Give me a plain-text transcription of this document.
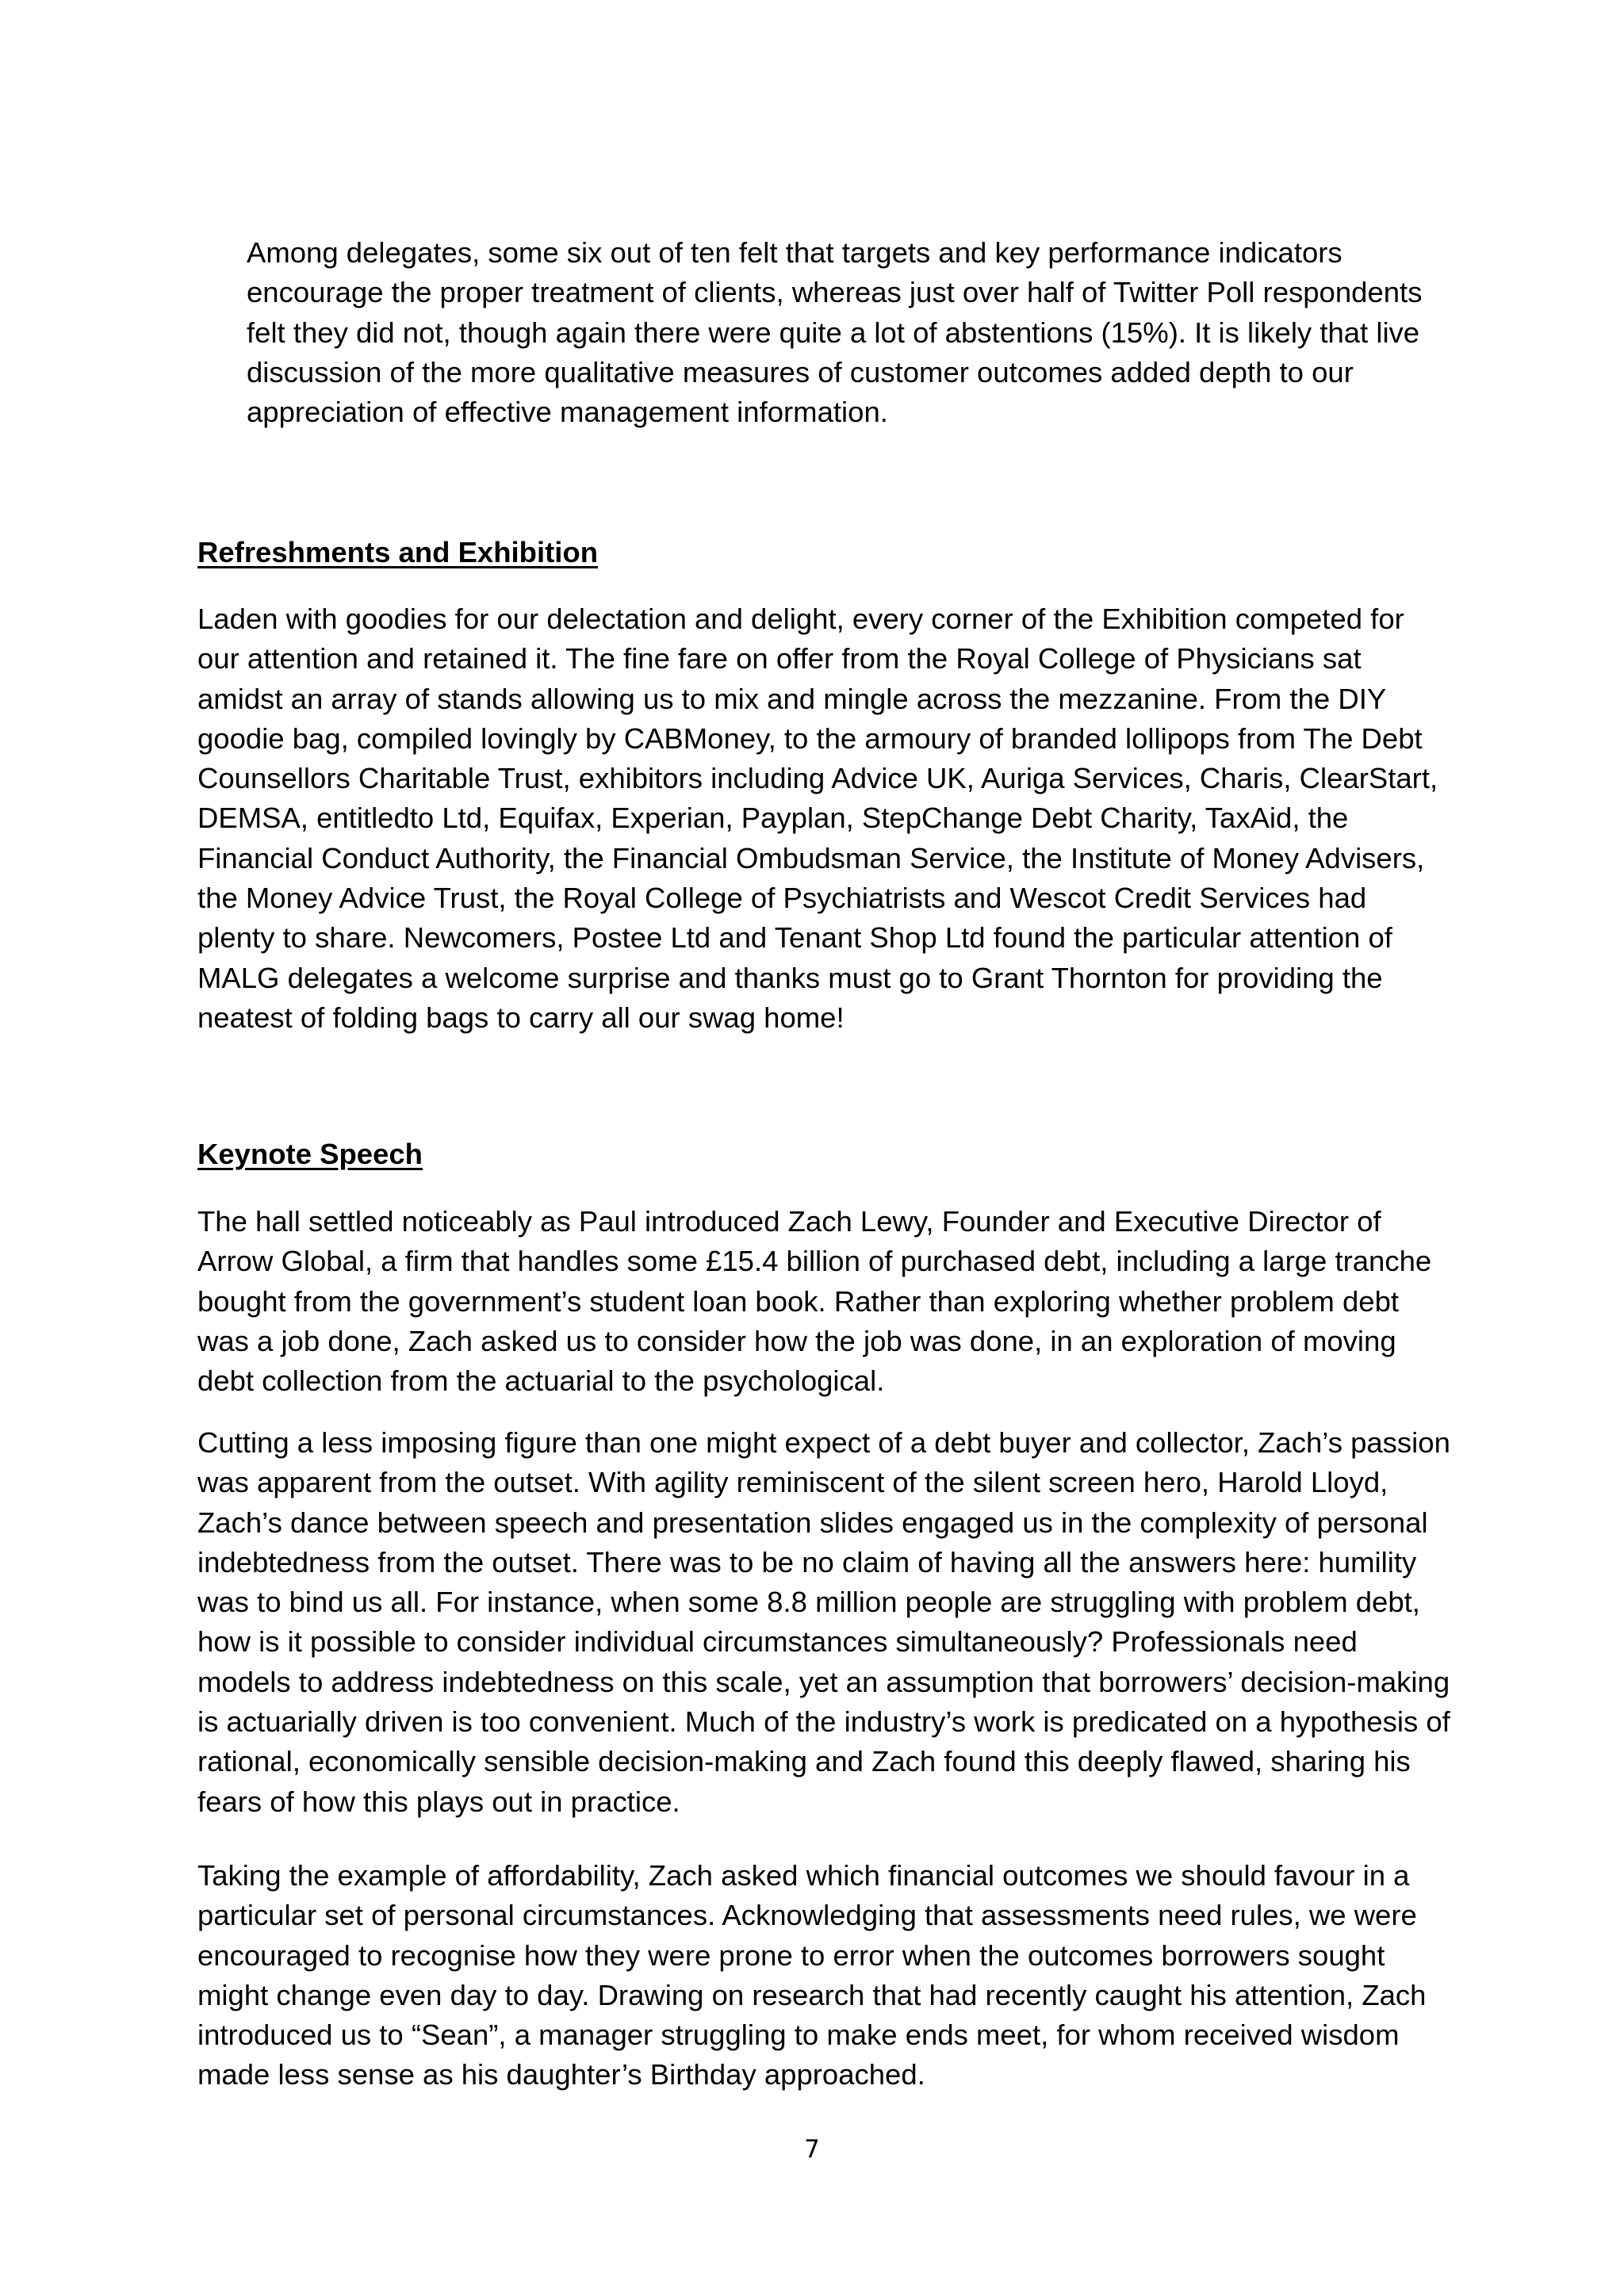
Among delegates, some six out of ten felt that targets and key performance indicators encourage the proper treatment of clients, whereas just over half of Twitter Poll respondents felt they did not, though again there were quite a lot of abstentions (15%). It is likely that live discussion of the more qualitative measures of customer outcomes added depth to our appreciation of effective management information.

Refreshments and Exhibition

Laden with goodies for our delectation and delight, every corner of the Exhibition competed for our attention and retained it. The fine fare on offer from the Royal College of Physicians sat amidst an array of stands allowing us to mix and mingle across the mezzanine. From the DIY goodie bag, compiled lovingly by CABMoney, to the armoury of branded lollipops from The Debt Counsellors Charitable Trust, exhibitors including Advice UK, Auriga Services, Charis, ClearStart, DEMSA, entitledto Ltd, Equifax, Experian, Payplan, StepChange Debt Charity, TaxAid, the Financial Conduct Authority, the Financial Ombudsman Service, the Institute of Money Advisers, the Money Advice Trust, the Royal College of Psychiatrists and Wescot Credit Services had plenty to share. Newcomers, Postee Ltd and Tenant Shop Ltd found the particular attention of MALG delegates a welcome surprise and thanks must go to Grant Thornton for providing the neatest of folding bags to carry all our swag home!

Keynote Speech

The hall settled noticeably as Paul introduced Zach Lewy, Founder and Executive Director of Arrow Global, a firm that handles some £15.4 billion of purchased debt, including a large tranche bought from the government’s student loan book. Rather than exploring whether problem debt was a job done, Zach asked us to consider how the job was done, in an exploration of moving debt collection from the actuarial to the psychological.

Cutting a less imposing figure than one might expect of a debt buyer and collector, Zach’s passion was apparent from the outset. With agility reminiscent of the silent screen hero, Harold Lloyd, Zach’s dance between speech and presentation slides engaged us in the complexity of personal indebtedness from the outset. There was to be no claim of having all the answers here: humility was to bind us all. For instance, when some 8.8 million people are struggling with problem debt, how is it possible to consider individual circumstances simultaneously? Professionals need models to address indebtedness on this scale, yet an assumption that borrowers’ decision-making is actuarially driven is too convenient. Much of the industry’s work is predicated on a hypothesis of rational, economically sensible decision-making and Zach found this deeply flawed, sharing his fears of how this plays out in practice.

Taking the example of affordability, Zach asked which financial outcomes we should favour in a particular set of personal circumstances. Acknowledging that assessments need rules, we were encouraged to recognise how they were prone to error when the outcomes borrowers sought might change even day to day. Drawing on research that had recently caught his attention, Zach introduced us to “Sean”, a manager struggling to make ends meet, for whom received wisdom made less sense as his daughter’s Birthday approached.

7
